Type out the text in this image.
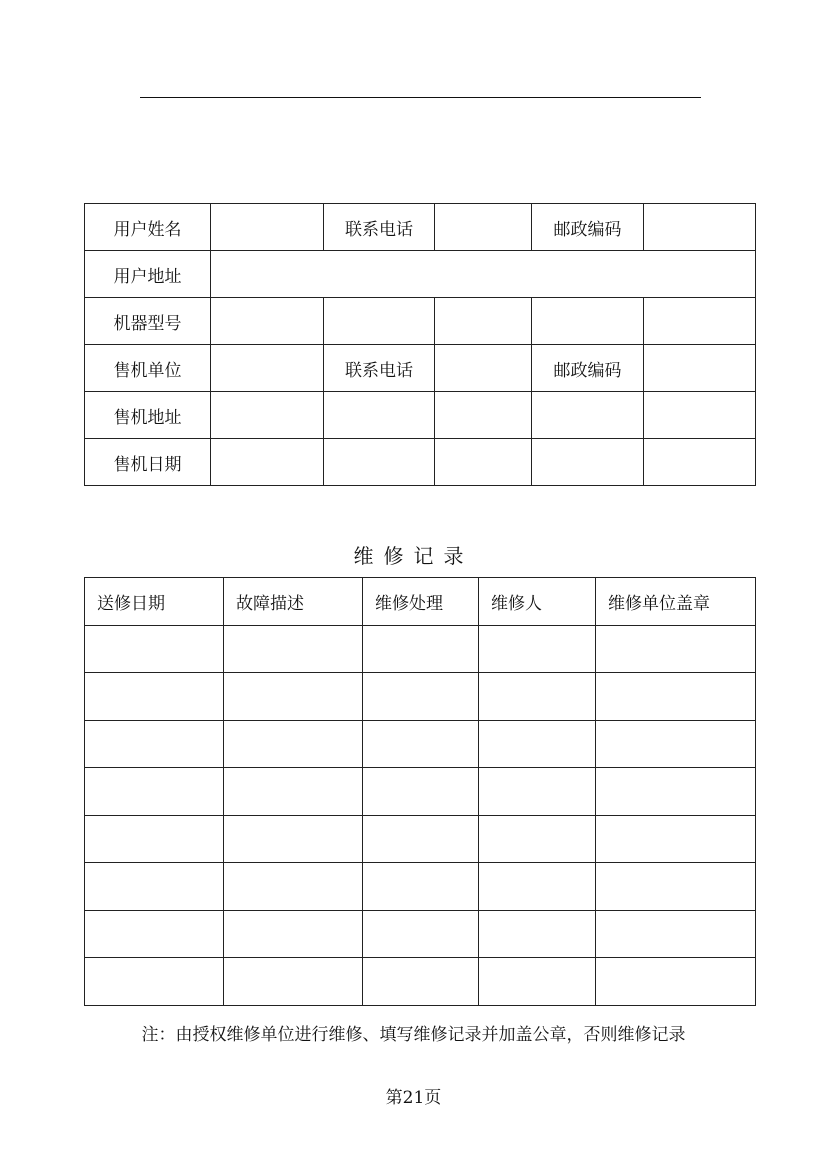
用户姓名		联系电话		邮政编码	
用户地址					
机器型号					
售机单位		联系电话		邮政编码	
售机地址					
售机日期					
维修记录
送修日期	故障描述	维修处理	维修人	维修单位盖章

注：由授权维修单位进行维修、填写维修记录并加盖公章，否则维修记录
第21页
